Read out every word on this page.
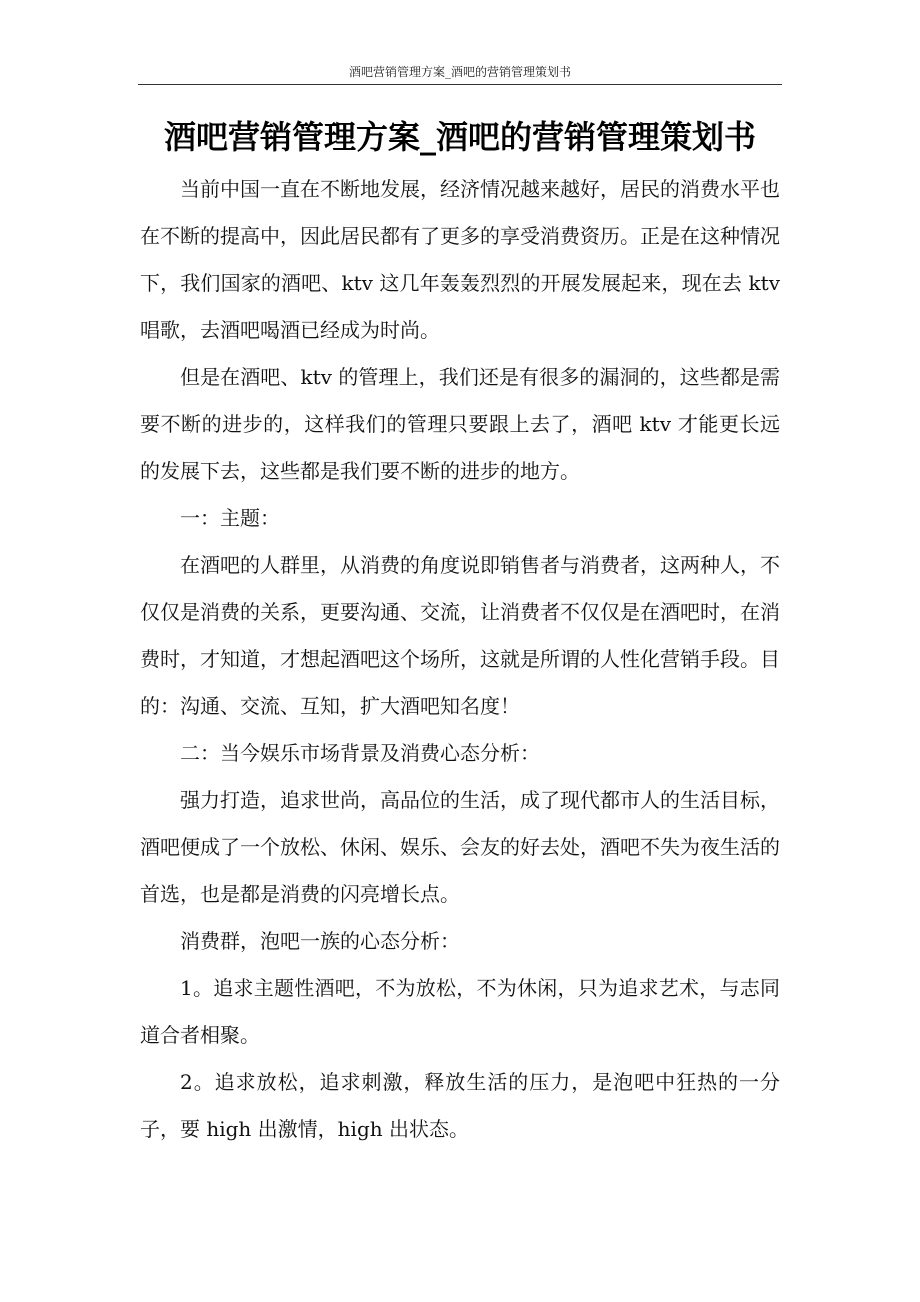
酒吧营销管理方案_酒吧的营销管理策划书
酒吧营销管理方案_酒吧的营销管理策划书

当前中国一直在不断地发展，经济情况越来越好，居民的消费水平也在不断的提高中，因此居民都有了更多的享受消费资历。正是在这种情况下，我们国家的酒吧、ktv 这几年轰轰烈烈的开展发展起来，现在去 ktv 唱歌，去酒吧喝酒已经成为时尚。

但是在酒吧、ktv 的管理上，我们还是有很多的漏洞的，这些都是需要不断的进步的，这样我们的管理只要跟上去了，酒吧 ktv 才能更长远的发展下去，这些都是我们要不断的进步的地方。

一：主题：

在酒吧的人群里，从消费的角度说即销售者与消费者，这两种人，不仅仅是消费的关系，更要沟通、交流，让消费者不仅仅是在酒吧时，在消费时，才知道，才想起酒吧这个场所，这就是所谓的人性化营销手段。目的：沟通、交流、互知，扩大酒吧知名度！

二：当今娱乐市场背景及消费心态分析：

强力打造，追求世尚，高品位的生活，成了现代都市人的生活目标，酒吧便成了一个放松、休闲、娱乐、会友的好去处，酒吧不失为夜生活的首选，也是都是消费的闪亮增长点。

消费群，泡吧一族的心态分析：

1。追求主题性酒吧，不为放松，不为休闲，只为追求艺术，与志同道合者相聚。

2。追求放松，追求刺激，释放生活的压力，是泡吧中狂热的一分子，要 high 出激情，high 出状态。
